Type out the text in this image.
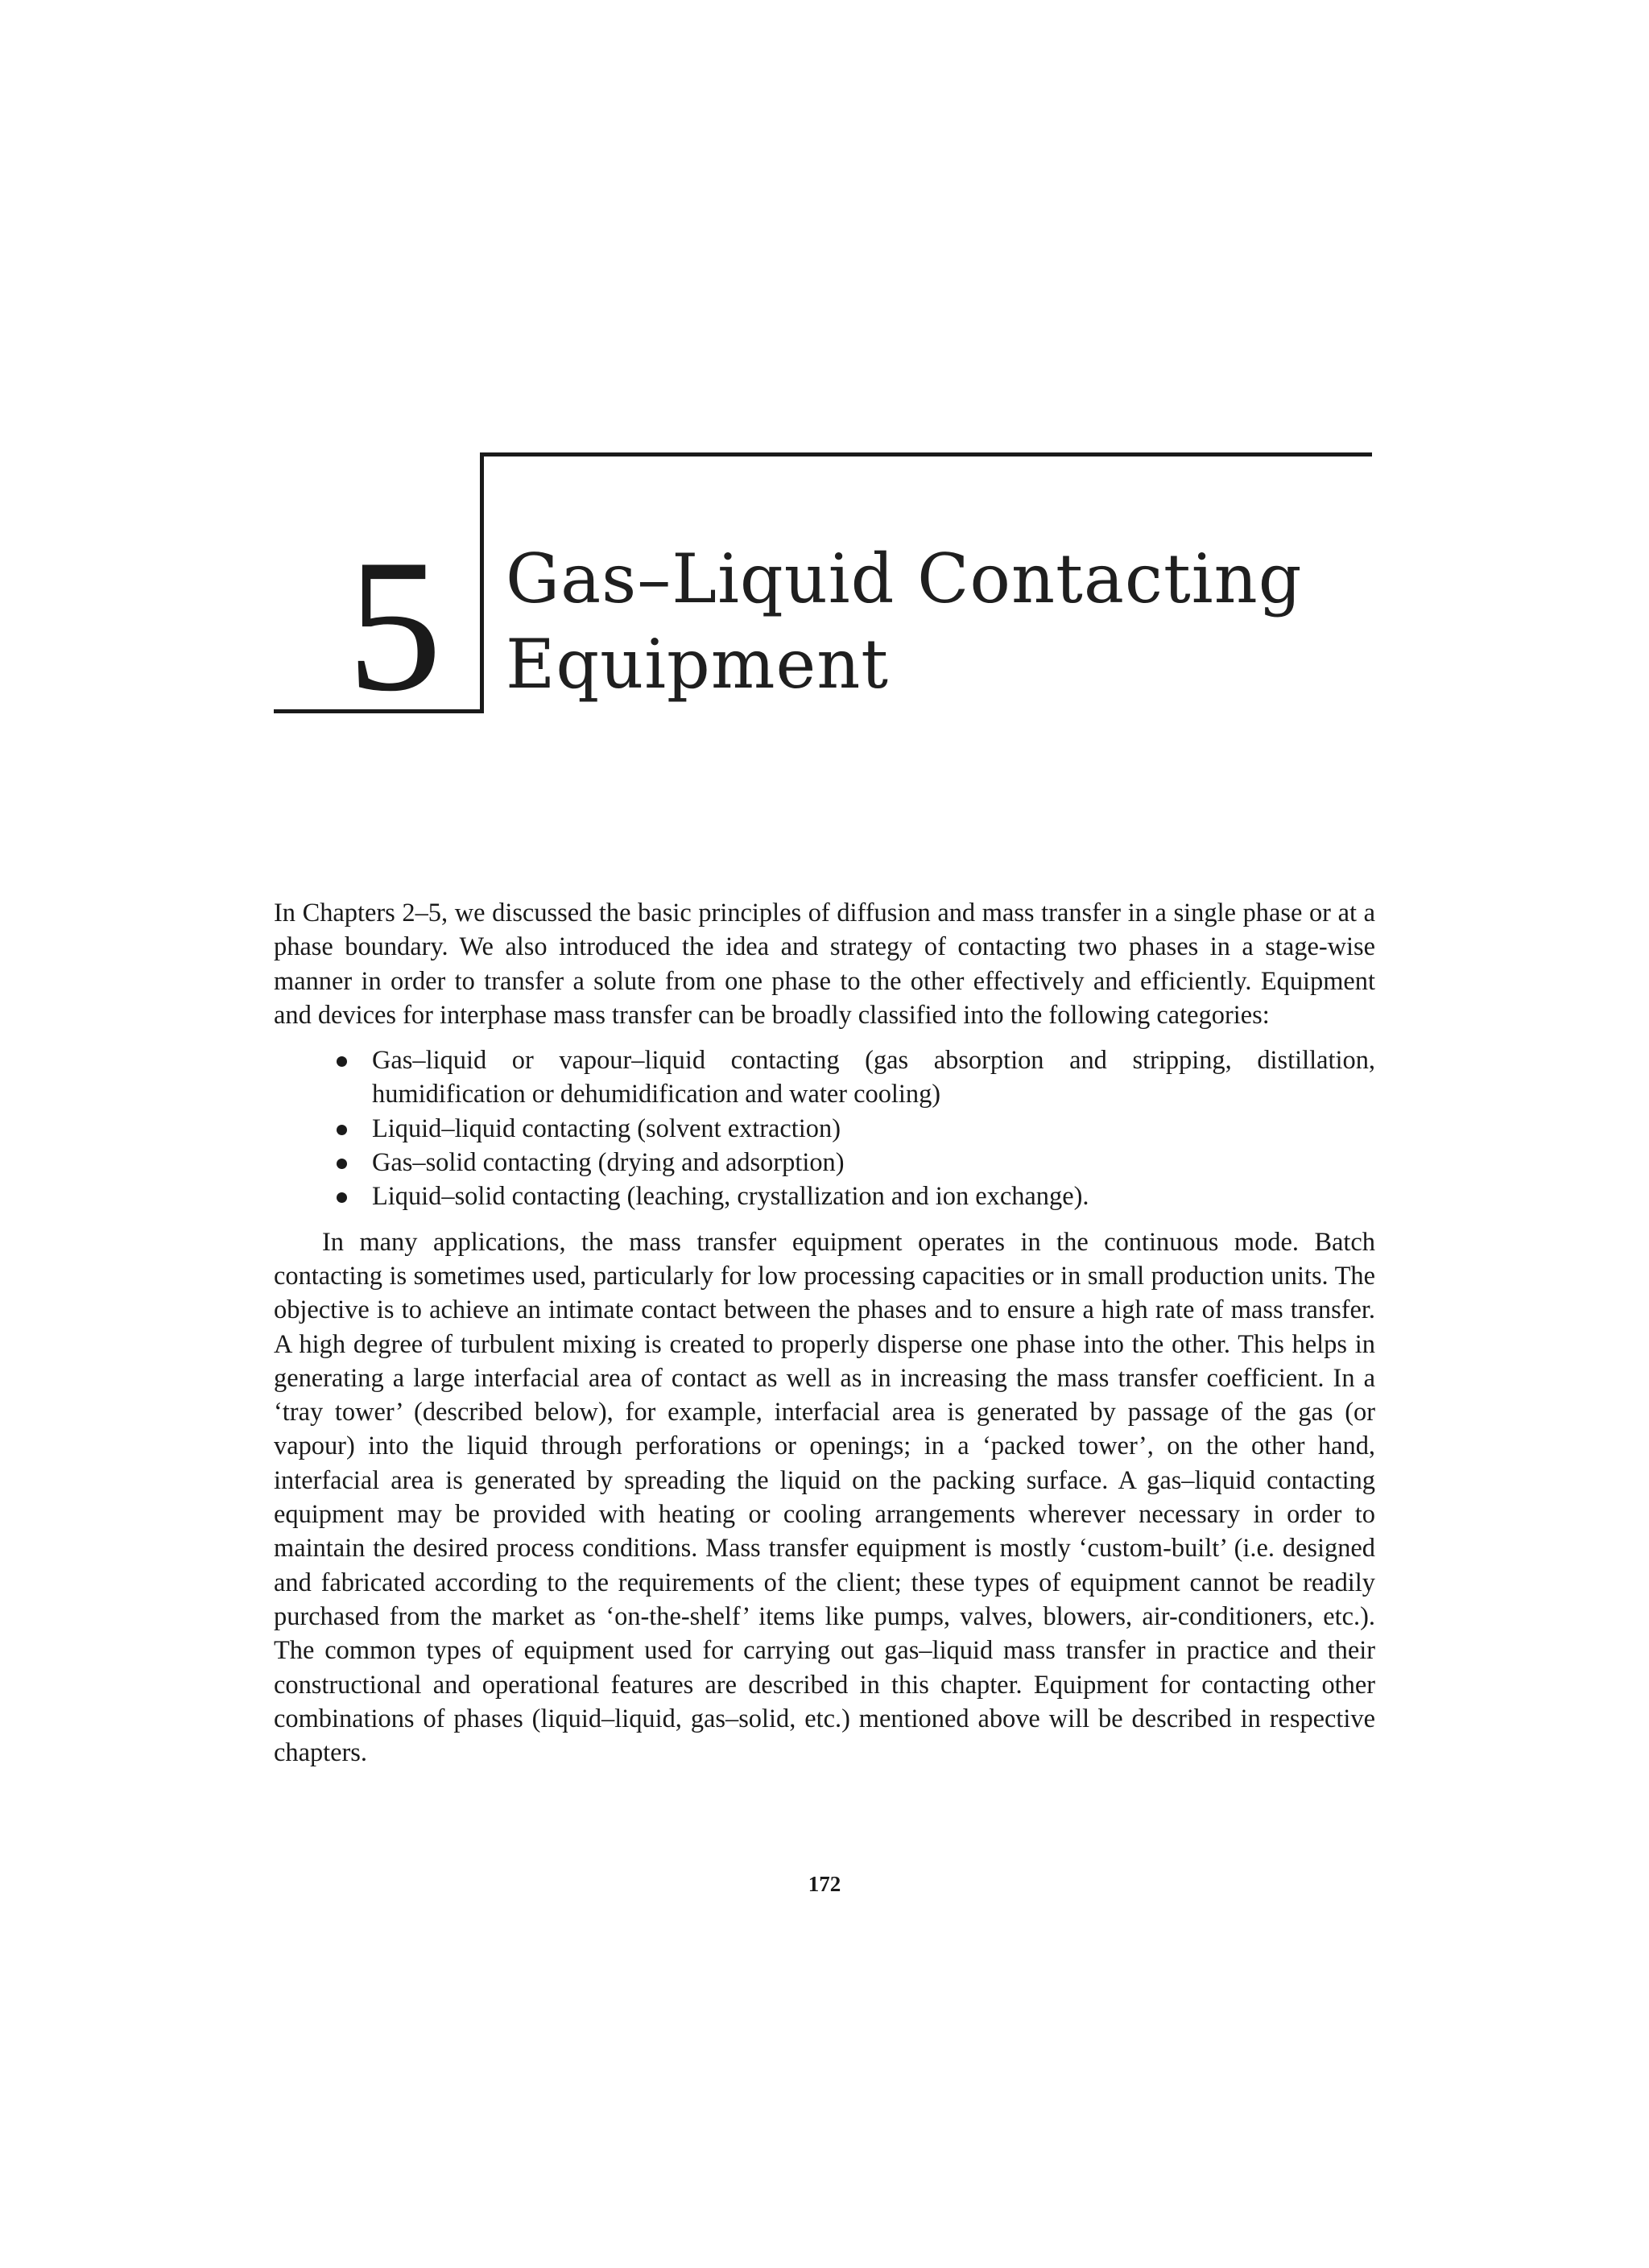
5 Gas–Liquid Contacting
Equipment

In Chapters 2–5, we discussed the basic principles of diffusion and mass transfer in a single phase or at a phase boundary. We also introduced the idea and strategy of contacting two phases in a stage-wise manner in order to transfer a solute from one phase to the other effectively and efficiently. Equipment and devices for interphase mass transfer can be broadly classified into the following categories:

Gas–liquid or vapour–liquid contacting (gas absorption and stripping, distillation, humidification or dehumidification and water cooling)
Liquid–liquid contacting (solvent extraction)
Gas–solid contacting (drying and adsorption)
Liquid–solid contacting (leaching, crystallization and ion exchange).

In many applications, the mass transfer equipment operates in the continuous mode. Batch contacting is sometimes used, particularly for low processing capacities or in small production units. The objective is to achieve an intimate contact between the phases and to ensure a high rate of mass transfer. A high degree of turbulent mixing is created to properly disperse one phase into the other. This helps in generating a large interfacial area of contact as well as in increasing the mass transfer coefficient. In a ‘tray tower’ (described below), for example, interfacial area is generated by passage of the gas (or vapour) into the liquid through perforations or openings; in a ‘packed tower’, on the other hand, interfacial area is generated by spreading the liquid on the packing surface. A gas–liquid contacting equipment may be provided with heating or cooling arrangements wherever necessary in order to maintain the desired process conditions. Mass transfer equipment is mostly ‘custom-built’ (i.e. designed and fabricated according to the requirements of the client; these types of equipment cannot be readily purchased from the market as ‘on-the-shelf’ items like pumps, valves, blowers, air-conditioners, etc.). The common types of equipment used for carrying out gas–liquid mass transfer in practice and their constructional and operational features are described in this chapter. Equipment for contacting other combinations of phases (liquid–liquid, gas–solid, etc.) mentioned above will be described in respective chapters.

172
